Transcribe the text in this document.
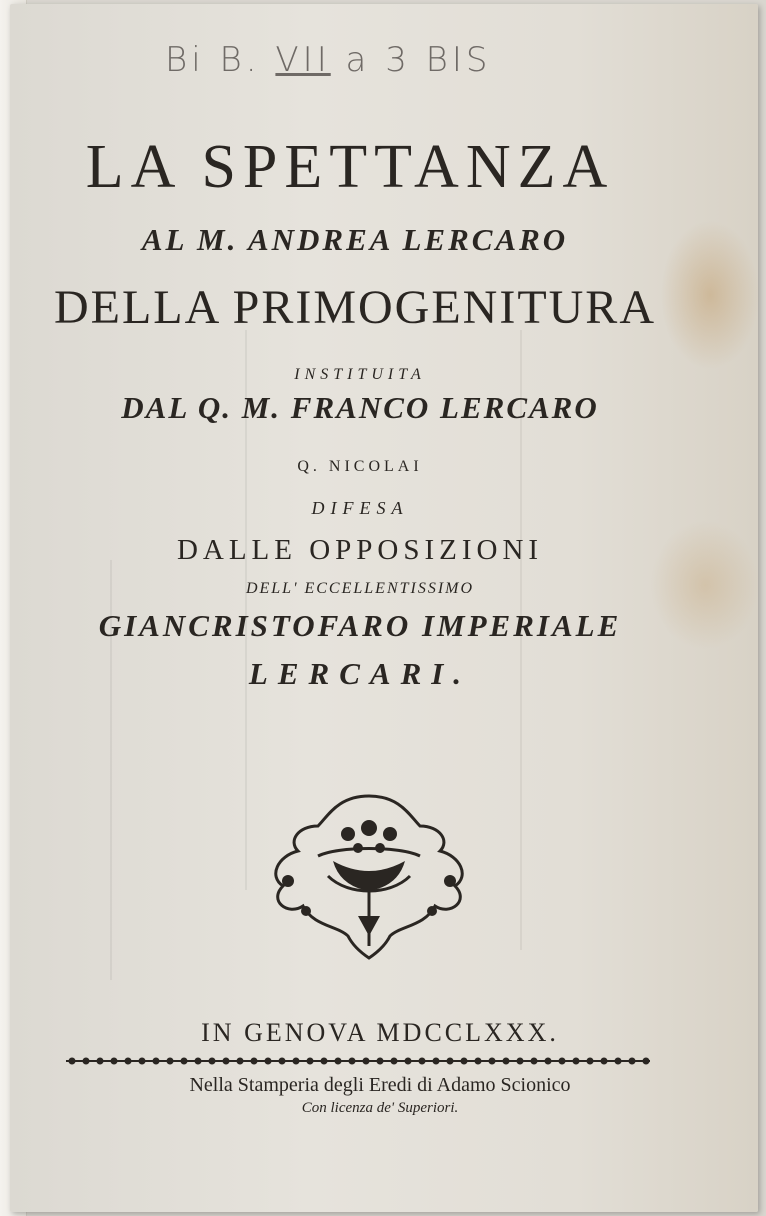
Bi B. VII a 3 BIS
LA SPETTANZA
AL M. ANDREA LERCARO
DELLA PRIMOGENITURA
INSTITUITA
DAL Q. M. FRANCO LERCARO
Q. NICOLAI
DIFESA
DALLE OPPOSIZIONI
DELL' ECCELLENTISSIMO
GIANCRISTOFARO IMPERIALE
LERCARI.
IN GENOVA MDCCLXXX.
Nella Stamperia degli Eredi di Adamo Scionico
Con licenza de' Superiori.
